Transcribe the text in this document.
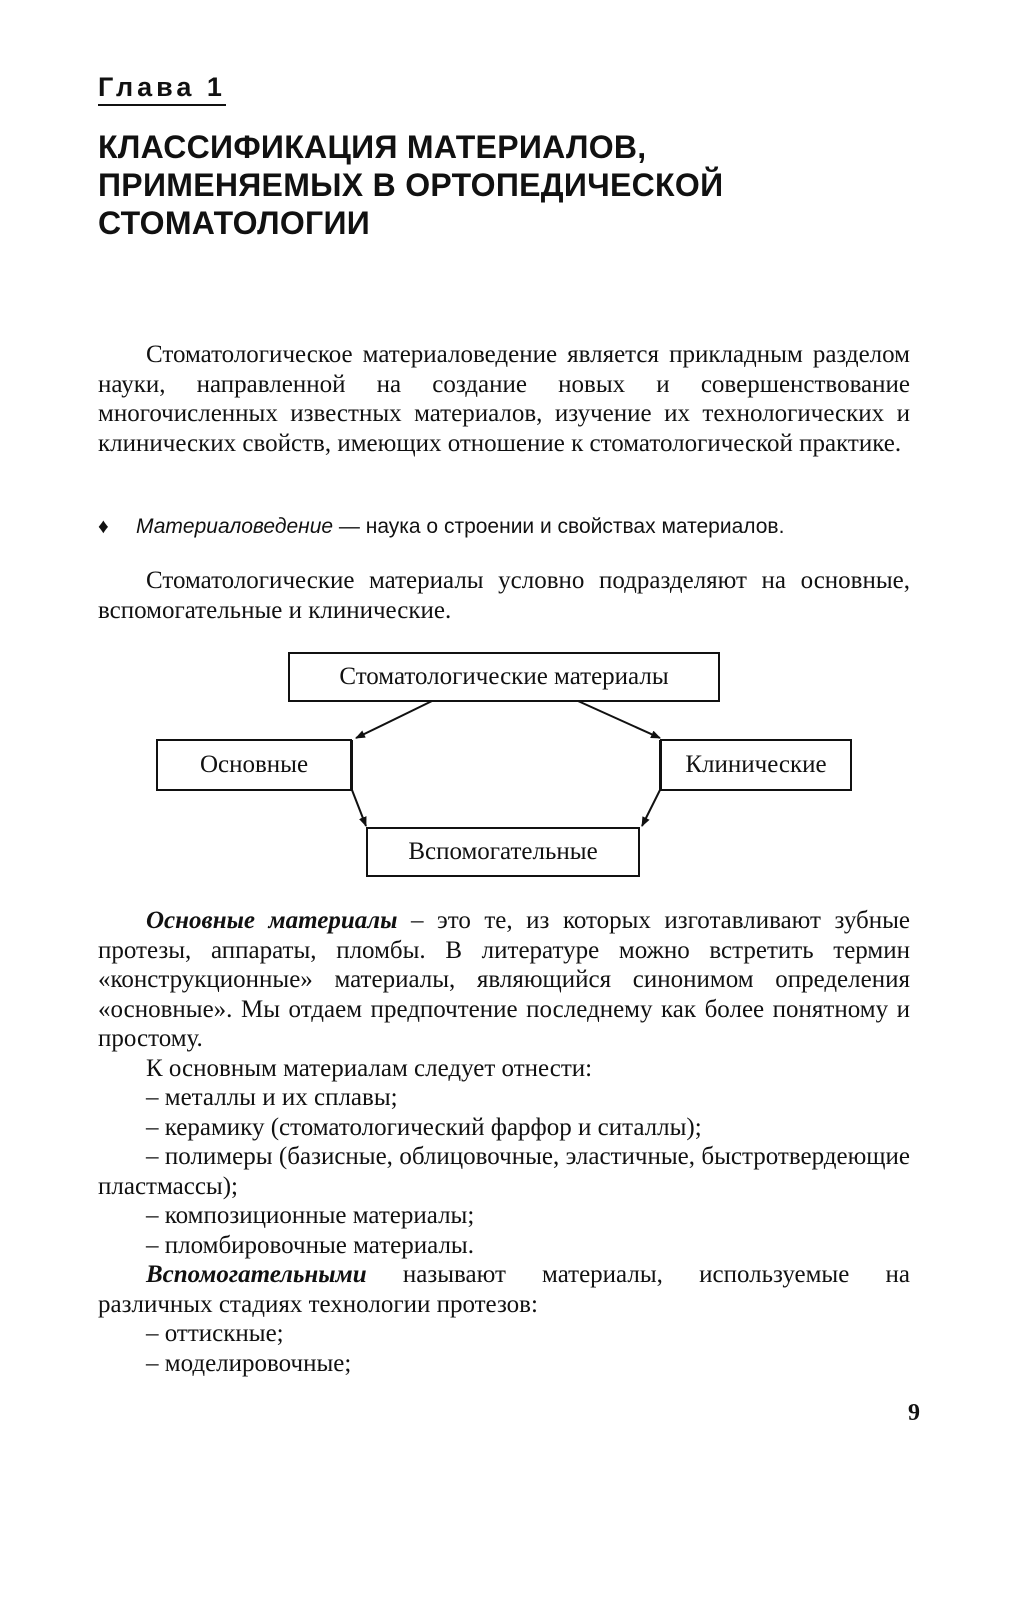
Глава 1
КЛАССИФИКАЦИЯ МАТЕРИАЛОВ,
ПРИМЕНЯЕМЫХ В ОРТОПЕДИЧЕСКОЙ
СТОМАТОЛОГИИ

Стоматологическое материаловедение является прикладным разделом науки, направленной на создание новых и совершенствование многочисленных известных материалов, изучение их технологических и клинических свойств, имеющих отношение к стоматологической практике.

♦ Материаловедение — наука о строении и свойствах материалов.

Стоматологические материалы условно подразделяют на основные, вспомогательные и клинические.

Стоматологические материалы
Основные	Клинические
Вспомогательные

Основные материалы – это те, из которых изготавливают зубные протезы, аппараты, пломбы. В литературе можно встретить термин «конструкционные» материалы, являющийся синонимом определения «основные». Мы отдаем предпочтение последнему как более понятному и простому.

К основным материалам следует отнести:

– металлы и их сплавы;

– керамику (стоматологический фарфор и ситаллы);

– полимеры (базисные, облицовочные, эластичные, быстротвердеющие пластмассы);

– композиционные материалы;

– пломбировочные материалы.

Вспомогательными называют материалы, используемые на различных стадиях технологии протезов:

– оттискные;

– моделировочные;

9
